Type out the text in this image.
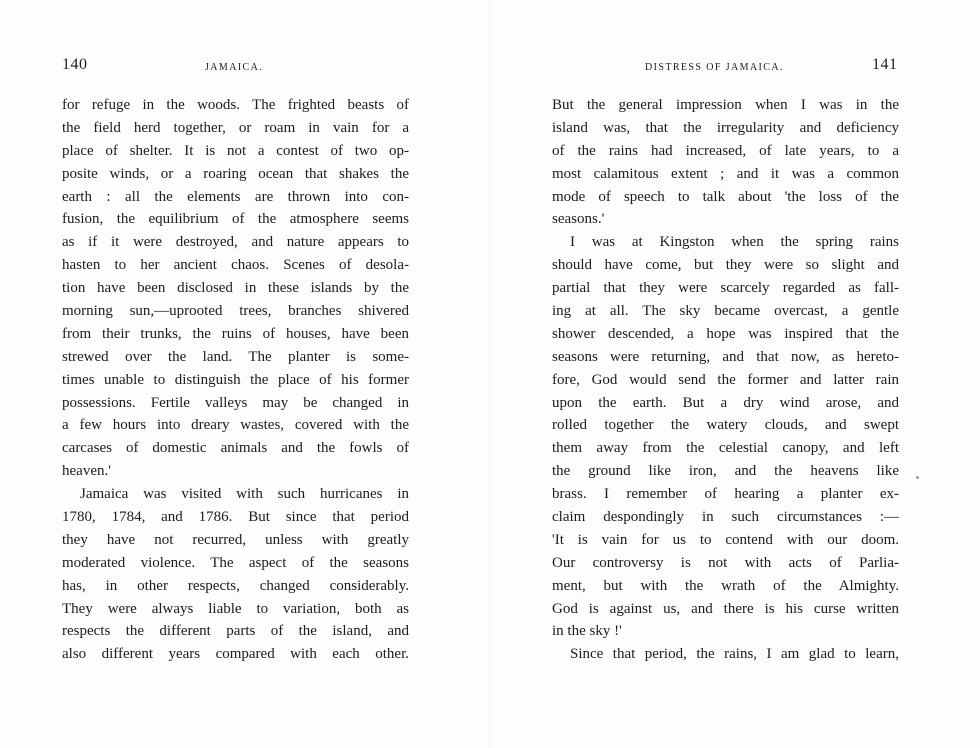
140	JAMAICA.
for refuge in the woods. The frighted beasts of
the field herd together, or roam in vain for a
place of shelter. It is not a contest of two op-
posite winds, or a roaring ocean that shakes the
earth : all the elements are thrown into con-
fusion, the equilibrium of the atmosphere seems
as if it were destroyed, and nature appears to
hasten to her ancient chaos. Scenes of desola-
tion have been disclosed in these islands by the
morning sun,—uprooted trees, branches shivered
from their trunks, the ruins of houses, have been
strewed over the land. The planter is some-
times unable to distinguish the place of his former
possessions. Fertile valleys may be changed in
a few hours into dreary wastes, covered with the
carcases of domestic animals and the fowls of
heaven.'
Jamaica was visited with such hurricanes in
1780, 1784, and 1786. But since that period
they have not recurred, unless with greatly
moderated violence. The aspect of the seasons
has, in other respects, changed considerably.
They were always liable to variation, both as
respects the different parts of the island, and
also different years compared with each other.
DISTRESS OF JAMAICA.	141
But the general impression when I was in the
island was, that the irregularity and deficiency
of the rains had increased, of late years, to a
most calamitous extent ; and it was a common
mode of speech to talk about 'the loss of the
seasons.'
I was at Kingston when the spring rains
should have come, but they were so slight and
partial that they were scarcely regarded as fall-
ing at all. The sky became overcast, a gentle
shower descended, a hope was inspired that the
seasons were returning, and that now, as hereto-
fore, God would send the former and latter rain
upon the earth. But a dry wind arose, and
rolled together the watery clouds, and swept
them away from the celestial canopy, and left
the ground like iron, and the heavens like
brass. I remember of hearing a planter ex-
claim despondingly in such circumstances :—
'It is vain for us to contend with our doom.
Our controversy is not with acts of Parlia-
ment, but with the wrath of the Almighty.
God is against us, and there is his curse written
in the sky !'
Since that period, the rains, I am glad to learn,
